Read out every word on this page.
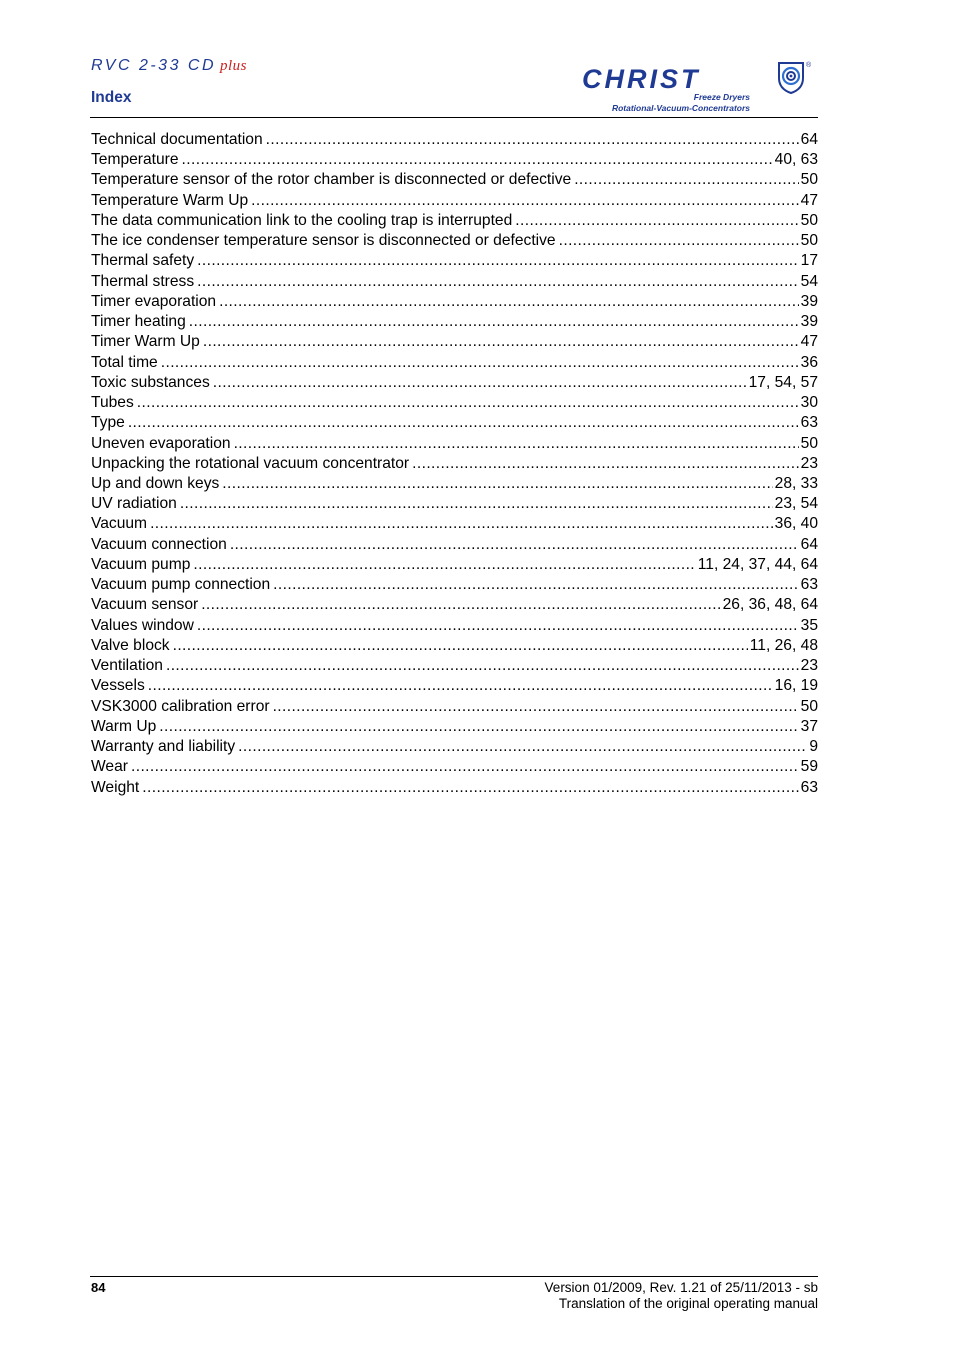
RVC 2-33 CD plus
Index
CHRIST	®
Freeze Dryers
Rotational-Vacuum-Concentrators
Technical documentation .....	64
Temperature .....	40, 63
Temperature sensor of the rotor chamber is disconnected or defective .....	50
Temperature Warm Up .....	47
The data communication link to the cooling trap is interrupted .....	50
The ice condenser temperature sensor is disconnected or defective .....	50
Thermal safety .....	17
Thermal stress .....	54
Timer evaporation .....	39
Timer heating .....	39
Timer Warm Up .....	47
Total time .....	36
Toxic substances .....	17, 54, 57
Tubes .....	30
Type .....	63
Uneven evaporation .....	50
Unpacking the rotational vacuum concentrator .....	23
Up and down keys .....	28, 33
UV radiation .....	23, 54
Vacuum .....	36, 40
Vacuum connection .....	64
Vacuum pump .....	11, 24, 37, 44, 64
Vacuum pump connection .....	63
Vacuum sensor .....	26, 36, 48, 64
Values window .....	35
Valve block .....	11, 26, 48
Ventilation .....	23
Vessels .....	16, 19
VSK3000 calibration error .....	50
Warm Up .....	37
Warranty and liability .....	9
Wear .....	59
Weight .....	63
84	Version 01/2009, Rev. 1.21 of 25/11/2013 - sb
Translation of the original operating manual
